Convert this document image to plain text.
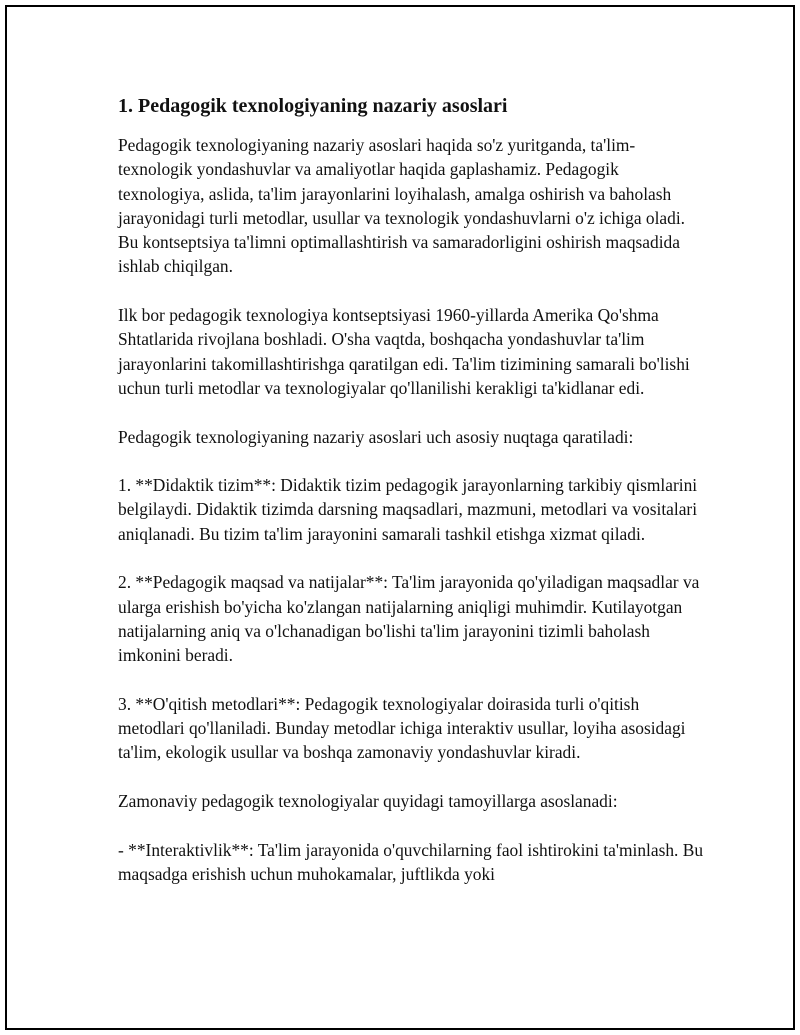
1. Pedagogik texnologiyaning nazariy asoslari

Pedagogik texnologiyaning nazariy asoslari haqida so'z yuritganda, ta'lim-texnologik yondashuvlar va amaliyotlar haqida gaplashamiz. Pedagogik texnologiya, aslida, ta'lim jarayonlarini loyihalash, amalga oshirish va baholash jarayonidagi turli metodlar, usullar va texnologik yondashuvlarni o'z ichiga oladi. Bu kontseptsiya ta'limni optimallashtirish va samaradorligini oshirish maqsadida ishlab chiqilgan.

Ilk bor pedagogik texnologiya kontseptsiyasi 1960-yillarda Amerika Qo'shma Shtatlarida rivojlana boshladi. O'sha vaqtda, boshqacha yondashuvlar ta'lim jarayonlarini takomillashtirishga qaratilgan edi. Ta'lim tizimining samarali bo'lishi uchun turli metodlar va texnologiyalar qo'llanilishi kerakligi ta'kidlanar edi.

Pedagogik texnologiyaning nazariy asoslari uch asosiy nuqtaga qaratiladi:

1. **Didaktik tizim**: Didaktik tizim pedagogik jarayonlarning tarkibiy qismlarini belgilaydi. Didaktik tizimda darsning maqsadlari, mazmuni, metodlari va vositalari aniqlanadi. Bu tizim ta'lim jarayonini samarali tashkil etishga xizmat qiladi.

2. **Pedagogik maqsad va natijalar**: Ta'lim jarayonida qo'yiladigan maqsadlar va ularga erishish bo'yicha ko'zlangan natijalarning aniqligi muhimdir. Kutilayotgan natijalarning aniq va o'lchanadigan bo'lishi ta'lim jarayonini tizimli baholash imkonini beradi.

3. **O'qitish metodlari**: Pedagogik texnologiyalar doirasida turli o'qitish metodlari qo'llaniladi. Bunday metodlar ichiga interaktiv usullar, loyiha asosidagi ta'lim, ekologik usullar va boshqa zamonaviy yondashuvlar kiradi.

Zamonaviy pedagogik texnologiyalar quyidagi tamoyillarga asoslanadi:

- **Interaktivlik**: Ta'lim jarayonida o'quvchilarning faol ishtirokini ta'minlash. Bu maqsadga erishish uchun muhokamalar, juftlikda yoki
